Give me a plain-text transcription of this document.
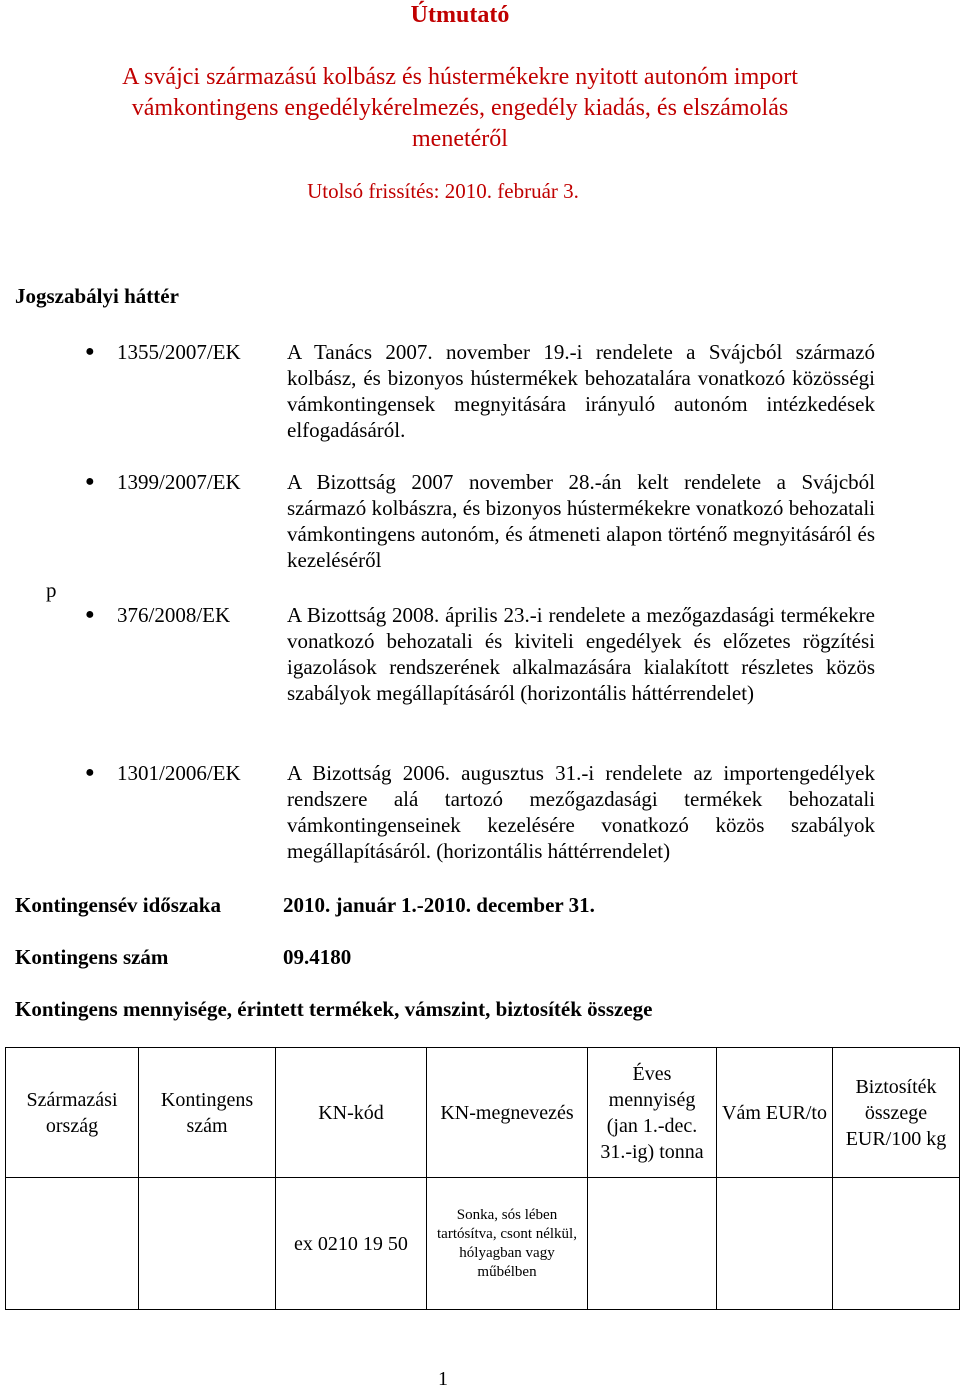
Útmutató
A svájci származású kolbász és hústermékekre nyitott autonóm import
vámkontingens engedélykérelmezés, engedély kiadás, és elszámolás
menetéről
Utolsó frissítés: 2010. február 3.
Jogszabályi háttér
● 1355/2007/EK A Tanács 2007. november 19.-i rendelete a Svájcból származó kolbász, és bizonyos hústermékek behozatalára vonatkozó közösségi vámkontingensek megnyitására irányuló autonóm intézkedések elfogadásáról.
● 1399/2007/EK A Bizottság 2007 november 28.-án kelt rendelete a Svájcból származó kolbászra, és bizonyos hústermékekre vonatkozó behozatali vámkontingens autonóm, és átmeneti alapon történő megnyitásáról és kezeléséről
p
● 376/2008/EK	A Bizottság 2008. április 23.-i rendelete a mezőgazdasági termékekre vonatkozó behozatali és kiviteli engedélyek és előzetes rögzítési igazolások rendszerének alkalmazására kialakított részletes közös szabályok megállapításáról (horizontális háttérrendelet)
● 1301/2006/EK A Bizottság 2006. augusztus 31.-i rendelete az importengedélyek rendszere alá tartozó mezőgazdasági termékek behozatali vámkontingenseinek kezelésére vonatkozó közös szabályok megállapításáról. (horizontális háttérrendelet)
Kontingensév időszaka	2010. január 1.-2010. december 31.
Kontingens szám	09.4180
Kontingens mennyisége, érintett termékek, vámszint, biztosíték összege
Származási ország	Kontingens szám	KN-kód	KN-megnevezés	Éves mennyiség (jan 1.-dec. 31.-ig) tonna	Vám EUR/to	Biztosíték összege EUR/100 kg
		ex 0210 19 50	Sonka, sós lében tartósítva, csont nélkül, hólyagban vagy műbélben			
1
